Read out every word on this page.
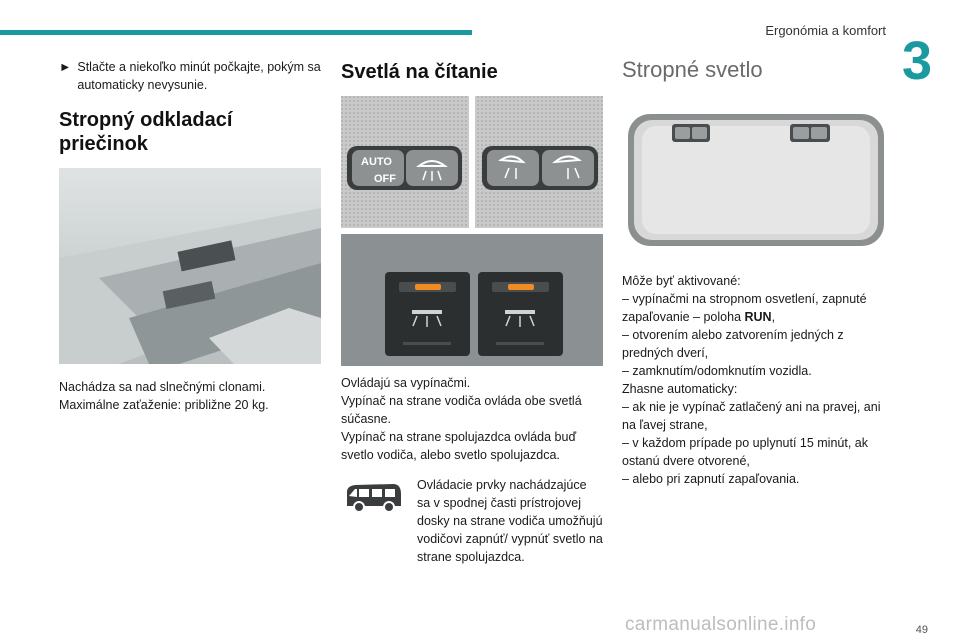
Ergonómia a komfort
3
► Stlačte a niekoľko minút počkajte, pokým sa automaticky nevysunie.
Stropný odkladací priečinok

Nachádza sa nad slnečnými clonami.

Maximálne zaťaženie: približne 20 kg.

Svetlá na čítanie
AUTO
OFF

Ovládajú sa vypínačmi.

Vypínač na strane vodiča ovláda obe svetlá súčasne.

Vypínač na strane spolujazdca ovláda buď svetlo vodiča, alebo svetlo spolujazdca.

Ovládacie prvky nachádzajúce sa v spodnej časti prístrojovej dosky na strane vodiča umožňujú vodičovi zapnúť/ vypnúť svetlo na strane spolujazdca.

Stropné svetlo

Môže byť aktivované:

– vypínačmi na stropnom osvetlení, zapnuté zapaľovanie – poloha RUN,

– otvorením alebo zatvorením jedných z predných dverí,

– zamknutím/odomknutím vozidla.

Zhasne automaticky:

– ak nie je vypínač zatlačený ani na pravej, ani na ľavej strane,

– v každom prípade po uplynutí 15 minút, ak ostanú dvere otvorené,

– alebo pri zapnutí zapaľovania.

carmanualsonline.info	49
